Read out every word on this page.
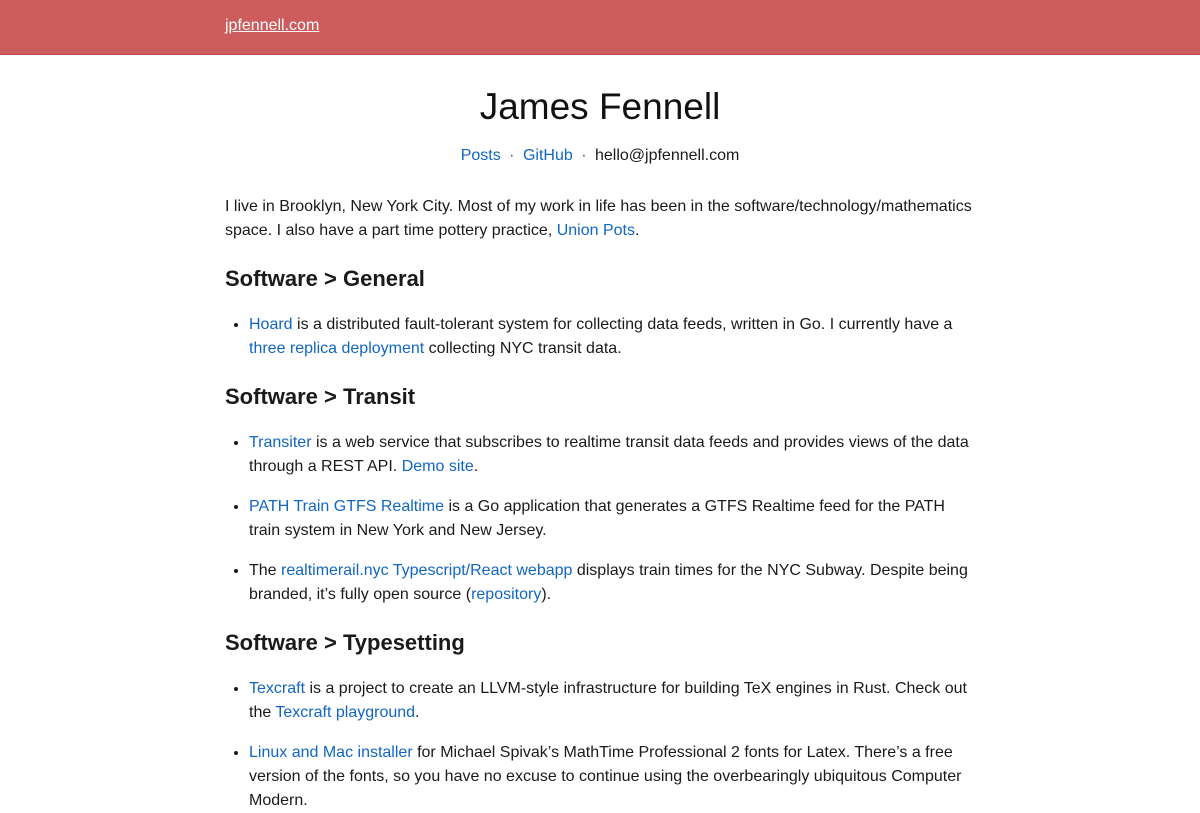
jpfennell.com
James Fennell
Posts · GitHub · hello@jpfennell.com

I live in Brooklyn, New York City. Most of my work in life has been in the software/technology/mathematics space. I also have a part time pottery practice, Union Pots.

Software > General
• Hoard is a distributed fault-tolerant system for collecting data feeds, written in Go. I currently have a three replica deployment collecting NYC transit data.
Software > Transit
• Transiter is a web service that subscribes to realtime transit data feeds and provides views of the data through a REST API. Demo site.
• PATH Train GTFS Realtime is a Go application that generates a GTFS Realtime feed for the PATH train system in New York and New Jersey.
• The realtimerail.nyc Typescript/React webapp displays train times for the NYC Subway. Despite being branded, it’s fully open source (repository).
Software > Typesetting
• Texcraft is a project to create an LLVM-style infrastructure for building TeX engines in Rust. Check out the Texcraft playground.
• Linux and Mac installer for Michael Spivak’s MathTime Professional 2 fonts for Latex. There’s a free version of the fonts, so you have no excuse to continue using the overbearingly ubiquitous Computer Modern.
